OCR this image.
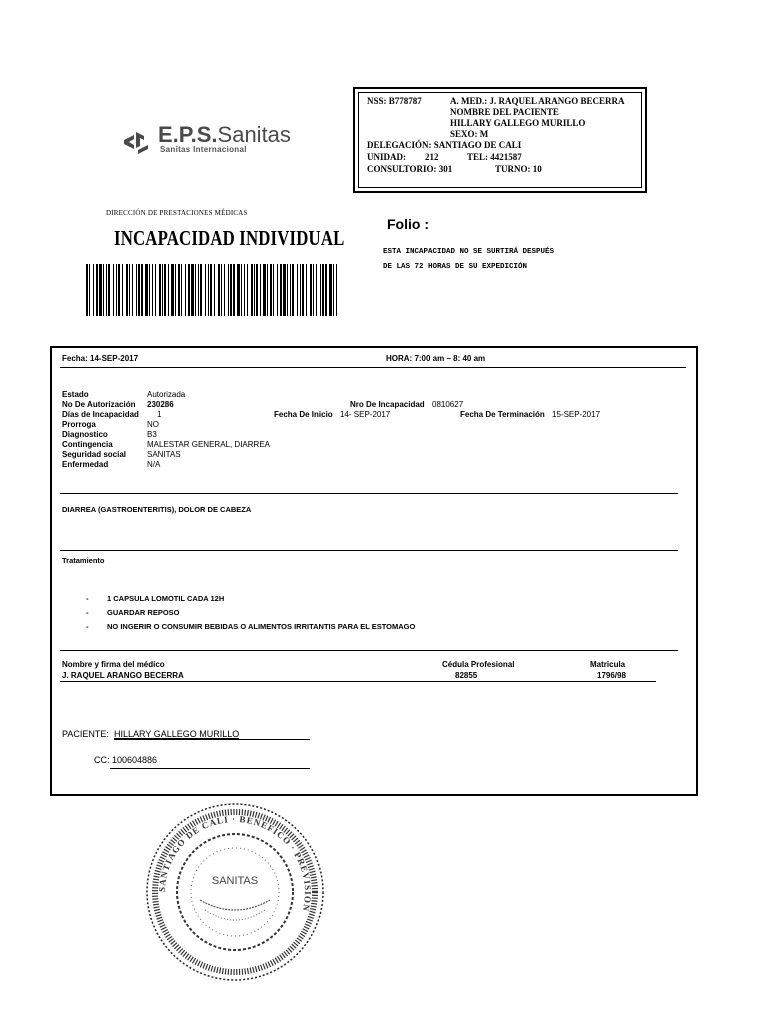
E.P.S.Sanitas
Sanitas Internacional
NSS: B778787	A. MED.: J. RAQUEL ARANGO BECERRA
NOMBRE DEL PACIENTE
HILLARY GALLEGO MURILLO
SEXO: M
DELEGACIÓN: SANTIAGO DE CALI
UNIDAD: 212	TEL: 4421587
CONSULTORIO: 301	TURNO: 10
DIRECCIÓN DE PRESTACIONES MÉDICAS
INCAPACIDAD INDIVIDUAL
Folio :
ESTA INCAPACIDAD NO SE SURTIRÁ DESPUÉS
DE LAS 72 HORAS DE SU EXPEDICIÓN
Fecha: 14-SEP-2017	HORA: 7:00 am – 8: 40 am
Estado	Autorizada
No De Autorización 230286	Nro De Incapacidad 0810627
Días de Incapacidad 1	Fecha De Inicio 14- SEP-2017	Fecha De Terminación 15-SEP-2017
Prorroga	NO
Diagnostico	B3
Contingencia	MALESTAR GENERAL, DIARREA
Seguridad social	SANITAS
Enfermedad	N/A
DIARREA (GASTROENTERITIS), DOLOR DE CABEZA
Tratamiento
- 1 CAPSULA LOMOTIL CADA 12H
- GUARDAR REPOSO
- NO INGERIR O CONSUMIR BEBIDAS O ALIMENTOS IRRITANTIS PARA EL ESTOMAGO
Nombre y firma del médico	Cédula Profesional	Matricula
J. RAQUEL ARANGO BECERRA	82855	1796/98
PACIENTE: HILLARY GALLEGO MURILLO
CC: 100604886
SANTIAGO DE CALI · BENEFICO · PREVISION
SANITAS
